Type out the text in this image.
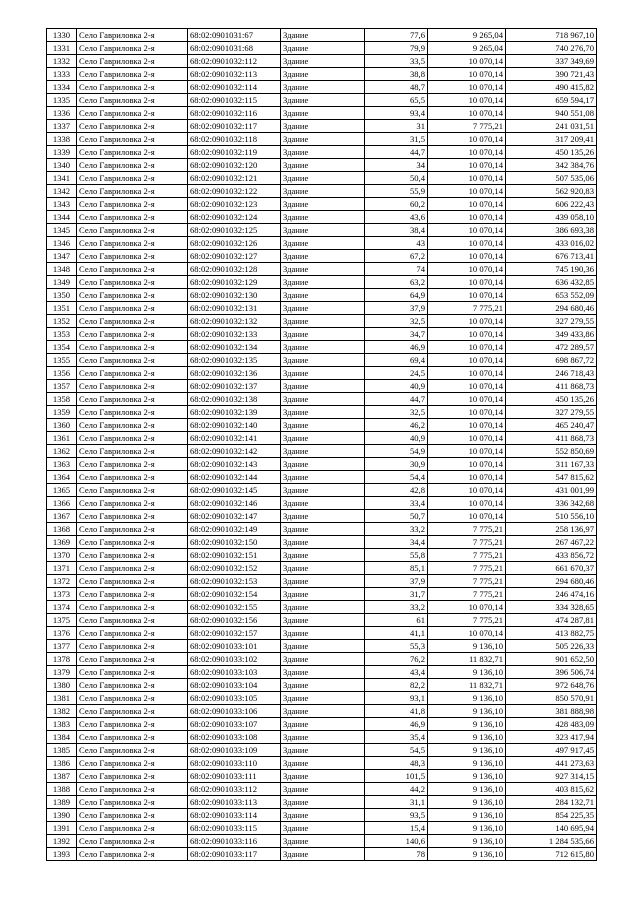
1330	Село Гавриловка 2-я	68:02:0901031:67	Здание	77,6	9 265,04	718 967,10
1331	Село Гавриловка 2-я	68:02:0901031:68	Здание	79,9	9 265,04	740 276,70
1332	Село Гавриловка 2-я	68:02:0901032:112	Здание	33,5	10 070,14	337 349,69
1333	Село Гавриловка 2-я	68:02:0901032:113	Здание	38,8	10 070,14	390 721,43
1334	Село Гавриловка 2-я	68:02:0901032:114	Здание	48,7	10 070,14	490 415,82
1335	Село Гавриловка 2-я	68:02:0901032:115	Здание	65,5	10 070,14	659 594,17
1336	Село Гавриловка 2-я	68:02:0901032:116	Здание	93,4	10 070,14	940 551,08
1337	Село Гавриловка 2-я	68:02:0901032:117	Здание	31	7 775,21	241 031,51
1338	Село Гавриловка 2-я	68:02:0901032:118	Здание	31,5	10 070,14	317 209,41
1339	Село Гавриловка 2-я	68:02:0901032:119	Здание	44,7	10 070,14	450 135,26
1340	Село Гавриловка 2-я	68:02:0901032:120	Здание	34	10 070,14	342 384,76
1341	Село Гавриловка 2-я	68:02:0901032:121	Здание	50,4	10 070,14	507 535,06
1342	Село Гавриловка 2-я	68:02:0901032:122	Здание	55,9	10 070,14	562 920,83
1343	Село Гавриловка 2-я	68:02:0901032:123	Здание	60,2	10 070,14	606 222,43
1344	Село Гавриловка 2-я	68:02:0901032:124	Здание	43,6	10 070,14	439 058,10
1345	Село Гавриловка 2-я	68:02:0901032:125	Здание	38,4	10 070,14	386 693,38
1346	Село Гавриловка 2-я	68:02:0901032:126	Здание	43	10 070,14	433 016,02
1347	Село Гавриловка 2-я	68:02:0901032:127	Здание	67,2	10 070,14	676 713,41
1348	Село Гавриловка 2-я	68:02:0901032:128	Здание	74	10 070,14	745 190,36
1349	Село Гавриловка 2-я	68:02:0901032:129	Здание	63,2	10 070,14	636 432,85
1350	Село Гавриловка 2-я	68:02:0901032:130	Здание	64,9	10 070,14	653 552,09
1351	Село Гавриловка 2-я	68:02:0901032:131	Здание	37,9	7 775,21	294 680,46
1352	Село Гавриловка 2-я	68:02:0901032:132	Здание	32,5	10 070,14	327 279,55
1353	Село Гавриловка 2-я	68:02:0901032:133	Здание	34,7	10 070,14	349 433,86
1354	Село Гавриловка 2-я	68:02:0901032:134	Здание	46,9	10 070,14	472 289,57
1355	Село Гавриловка 2-я	68:02:0901032:135	Здание	69,4	10 070,14	698 867,72
1356	Село Гавриловка 2-я	68:02:0901032:136	Здание	24,5	10 070,14	246 718,43
1357	Село Гавриловка 2-я	68:02:0901032:137	Здание	40,9	10 070,14	411 868,73
1358	Село Гавриловка 2-я	68:02:0901032:138	Здание	44,7	10 070,14	450 135,26
1359	Село Гавриловка 2-я	68:02:0901032:139	Здание	32,5	10 070,14	327 279,55
1360	Село Гавриловка 2-я	68:02:0901032:140	Здание	46,2	10 070,14	465 240,47
1361	Село Гавриловка 2-я	68:02:0901032:141	Здание	40,9	10 070,14	411 868,73
1362	Село Гавриловка 2-я	68:02:0901032:142	Здание	54,9	10 070,14	552 850,69
1363	Село Гавриловка 2-я	68:02:0901032:143	Здание	30,9	10 070,14	311 167,33
1364	Село Гавриловка 2-я	68:02:0901032:144	Здание	54,4	10 070,14	547 815,62
1365	Село Гавриловка 2-я	68:02:0901032:145	Здание	42,8	10 070,14	431 001,99
1366	Село Гавриловка 2-я	68:02:0901032:146	Здание	33,4	10 070,14	336 342,68
1367	Село Гавриловка 2-я	68:02:0901032:147	Здание	50,7	10 070,14	510 556,10
1368	Село Гавриловка 2-я	68:02:0901032:149	Здание	33,2	7 775,21	258 136,97
1369	Село Гавриловка 2-я	68:02:0901032:150	Здание	34,4	7 775,21	267 467,22
1370	Село Гавриловка 2-я	68:02:0901032:151	Здание	55,8	7 775,21	433 856,72
1371	Село Гавриловка 2-я	68:02:0901032:152	Здание	85,1	7 775,21	661 670,37
1372	Село Гавриловка 2-я	68:02:0901032:153	Здание	37,9	7 775,21	294 680,46
1373	Село Гавриловка 2-я	68:02:0901032:154	Здание	31,7	7 775,21	246 474,16
1374	Село Гавриловка 2-я	68:02:0901032:155	Здание	33,2	10 070,14	334 328,65
1375	Село Гавриловка 2-я	68:02:0901032:156	Здание	61	7 775,21	474 287,81
1376	Село Гавриловка 2-я	68:02:0901032:157	Здание	41,1	10 070,14	413 882,75
1377	Село Гавриловка 2-я	68:02:0901033:101	Здание	55,3	9 136,10	505 226,33
1378	Село Гавриловка 2-я	68:02:0901033:102	Здание	76,2	11 832,71	901 652,50
1379	Село Гавриловка 2-я	68:02:0901033:103	Здание	43,4	9 136,10	396 506,74
1380	Село Гавриловка 2-я	68:02:0901033:104	Здание	82,2	11 832,71	972 648,76
1381	Село Гавриловка 2-я	68:02:0901033:105	Здание	93,1	9 136,10	850 570,91
1382	Село Гавриловка 2-я	68:02:0901033:106	Здание	41,8	9 136,10	381 888,98
1383	Село Гавриловка 2-я	68:02:0901033:107	Здание	46,9	9 136,10	428 483,09
1384	Село Гавриловка 2-я	68:02:0901033:108	Здание	35,4	9 136,10	323 417,94
1385	Село Гавриловка 2-я	68:02:0901033:109	Здание	54,5	9 136,10	497 917,45
1386	Село Гавриловка 2-я	68:02:0901033:110	Здание	48,3	9 136,10	441 273,63
1387	Село Гавриловка 2-я	68:02:0901033:111	Здание	101,5	9 136,10	927 314,15
1388	Село Гавриловка 2-я	68:02:0901033:112	Здание	44,2	9 136,10	403 815,62
1389	Село Гавриловка 2-я	68:02:0901033:113	Здание	31,1	9 136,10	284 132,71
1390	Село Гавриловка 2-я	68:02:0901033:114	Здание	93,5	9 136,10	854 225,35
1391	Село Гавриловка 2-я	68:02:0901033:115	Здание	15,4	9 136,10	140 695,94
1392	Село Гавриловка 2-я	68:02:0901033:116	Здание	140,6	9 136,10	1 284 535,66
1393	Село Гавриловка 2-я	68:02:0901033:117	Здание	78	9 136,10	712 615,80
